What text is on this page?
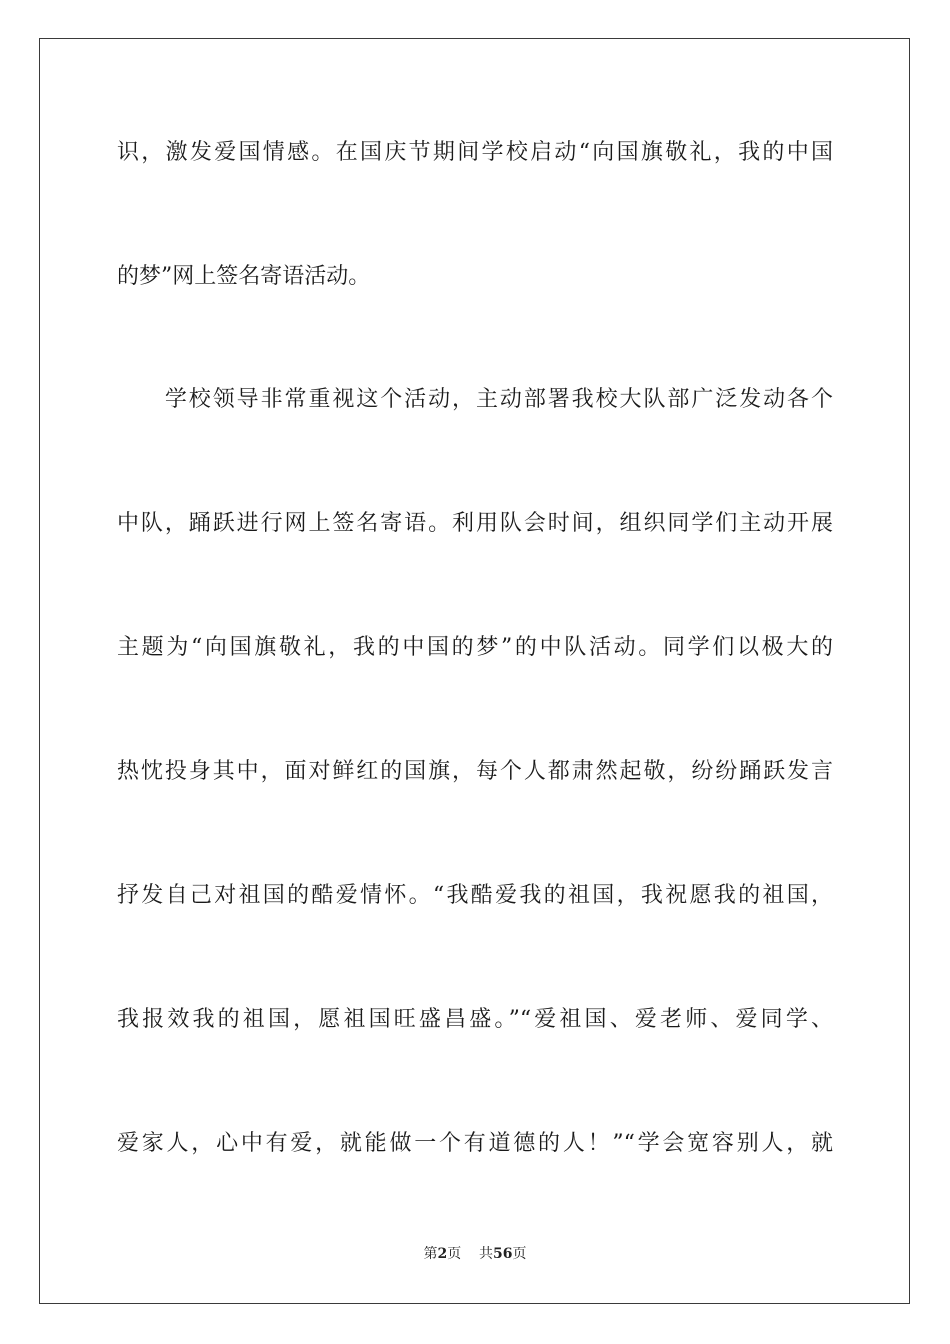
识，激发爱国情感。在国庆节期间学校启动“向国旗敬礼，我的中国
的梦”网上签名寄语活动。
　　学校领导非常重视这个活动，主动部署我校大队部广泛发动各个
中队，踊跃进行网上签名寄语。利用队会时间，组织同学们主动开展
主题为“向国旗敬礼，我的中国的梦”的中队活动。同学们以极大的
热忱投身其中，面对鲜红的国旗，每个人都肃然起敬，纷纷踊跃发言
抒发自己对祖国的酷爱情怀。“我酷爱我的祖国，我祝愿我的祖国，
我报效我的祖国，愿祖国旺盛昌盛。”“爱祖国、爱老师、爱同学、
爱家人，心中有爱，就能做一个有道德的人！”“学会宽容别人，就
第2页 共56页
